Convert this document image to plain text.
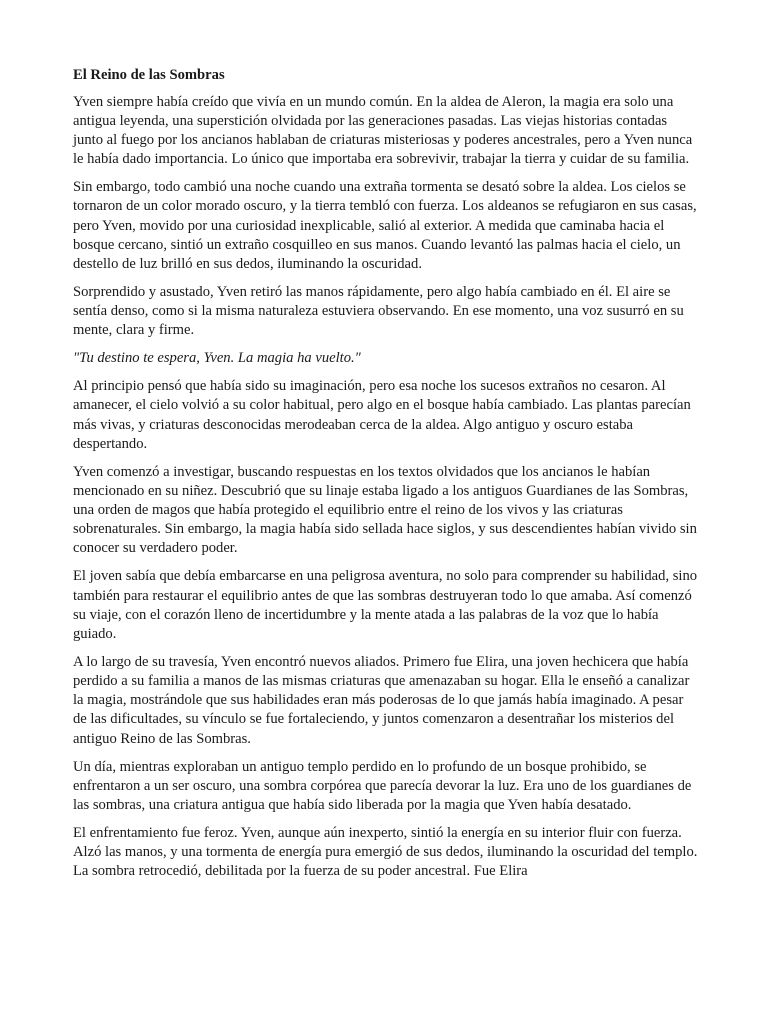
El Reino de las Sombras

Yven siempre había creído que vivía en un mundo común. En la aldea de Aleron, la magia era solo una antigua leyenda, una superstición olvidada por las generaciones pasadas. Las viejas historias contadas junto al fuego por los ancianos hablaban de criaturas misteriosas y poderes ancestrales, pero a Yven nunca le había dado importancia. Lo único que importaba era sobrevivir, trabajar la tierra y cuidar de su familia.

Sin embargo, todo cambió una noche cuando una extraña tormenta se desató sobre la aldea. Los cielos se tornaron de un color morado oscuro, y la tierra tembló con fuerza. Los aldeanos se refugiaron en sus casas, pero Yven, movido por una curiosidad inexplicable, salió al exterior. A medida que caminaba hacia el bosque cercano, sintió un extraño cosquilleo en sus manos. Cuando levantó las palmas hacia el cielo, un destello de luz brilló en sus dedos, iluminando la oscuridad.

Sorprendido y asustado, Yven retiró las manos rápidamente, pero algo había cambiado en él. El aire se sentía denso, como si la misma naturaleza estuviera observando. En ese momento, una voz susurró en su mente, clara y firme.

"Tu destino te espera, Yven. La magia ha vuelto."

Al principio pensó que había sido su imaginación, pero esa noche los sucesos extraños no cesaron. Al amanecer, el cielo volvió a su color habitual, pero algo en el bosque había cambiado. Las plantas parecían más vivas, y criaturas desconocidas merodeaban cerca de la aldea. Algo antiguo y oscuro estaba despertando.

Yven comenzó a investigar, buscando respuestas en los textos olvidados que los ancianos le habían mencionado en su niñez. Descubrió que su linaje estaba ligado a los antiguos Guardianes de las Sombras, una orden de magos que había protegido el equilibrio entre el reino de los vivos y las criaturas sobrenaturales. Sin embargo, la magia había sido sellada hace siglos, y sus descendientes habían vivido sin conocer su verdadero poder.

El joven sabía que debía embarcarse en una peligrosa aventura, no solo para comprender su habilidad, sino también para restaurar el equilibrio antes de que las sombras destruyeran todo lo que amaba. Así comenzó su viaje, con el corazón lleno de incertidumbre y la mente atada a las palabras de la voz que lo había guiado.

A lo largo de su travesía, Yven encontró nuevos aliados. Primero fue Elira, una joven hechicera que había perdido a su familia a manos de las mismas criaturas que amenazaban su hogar. Ella le enseñó a canalizar la magia, mostrándole que sus habilidades eran más poderosas de lo que jamás había imaginado. A pesar de las dificultades, su vínculo se fue fortaleciendo, y juntos comenzaron a desentrañar los misterios del antiguo Reino de las Sombras.

Un día, mientras exploraban un antiguo templo perdido en lo profundo de un bosque prohibido, se enfrentaron a un ser oscuro, una sombra corpórea que parecía devorar la luz. Era uno de los guardianes de las sombras, una criatura antigua que había sido liberada por la magia que Yven había desatado.

El enfrentamiento fue feroz. Yven, aunque aún inexperto, sintió la energía en su interior fluir con fuerza. Alzó las manos, y una tormenta de energía pura emergió de sus dedos, iluminando la oscuridad del templo. La sombra retrocedió, debilitada por la fuerza de su poder ancestral. Fue Elira
